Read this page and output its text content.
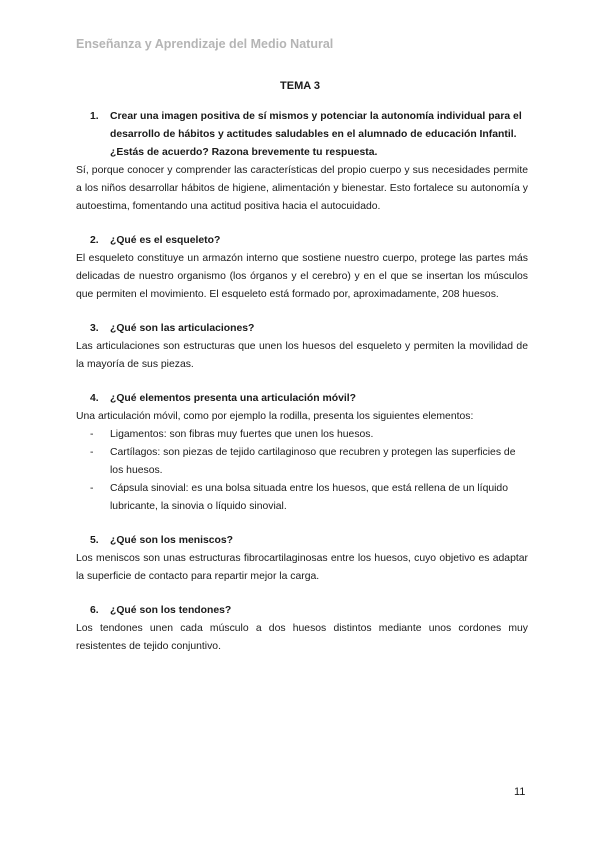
Enseñanza y Aprendizaje del Medio Natural
TEMA 3
1.	Crear una imagen positiva de sí mismos y potenciar la autonomía individual para el desarrollo de hábitos y actitudes saludables en el alumnado de educación Infantil. ¿Estás de acuerdo? Razona brevemente tu respuesta.

Sí, porque conocer y comprender las características del propio cuerpo y sus necesidades permite a los niños desarrollar hábitos de higiene, alimentación y bienestar. Esto fortalece su autonomía y autoestima, fomentando una actitud positiva hacia el autocuidado.

2.	¿Qué es el esqueleto?

El esqueleto constituye un armazón interno que sostiene nuestro cuerpo, protege las partes más delicadas de nuestro organismo (los órganos y el cerebro) y en el que se insertan los músculos que permiten el movimiento. El esqueleto está formado por, aproximadamente, 208 huesos.

3.	¿Qué son las articulaciones?

Las articulaciones son estructuras que unen los huesos del esqueleto y permiten la movilidad de la mayoría de sus piezas.

4.	¿Qué elementos presenta una articulación móvil?

Una articulación móvil, como por ejemplo la rodilla, presenta los siguientes elementos:

-	Ligamentos: son fibras muy fuertes que unen los huesos.
-	Cartílagos: son piezas de tejido cartilaginoso que recubren y protegen las superficies de los huesos.
-	Cápsula sinovial: es una bolsa situada entre los huesos, que está rellena de un líquido lubricante, la sinovia o líquido sinovial.
5.	¿Qué son los meniscos?

Los meniscos son unas estructuras fibrocartilaginosas entre los huesos, cuyo objetivo es adaptar la superficie de contacto para repartir mejor la carga.

6.	¿Qué son los tendones?

Los tendones unen cada músculo a dos huesos distintos mediante unos cordones muy resistentes de tejido conjuntivo.

11
